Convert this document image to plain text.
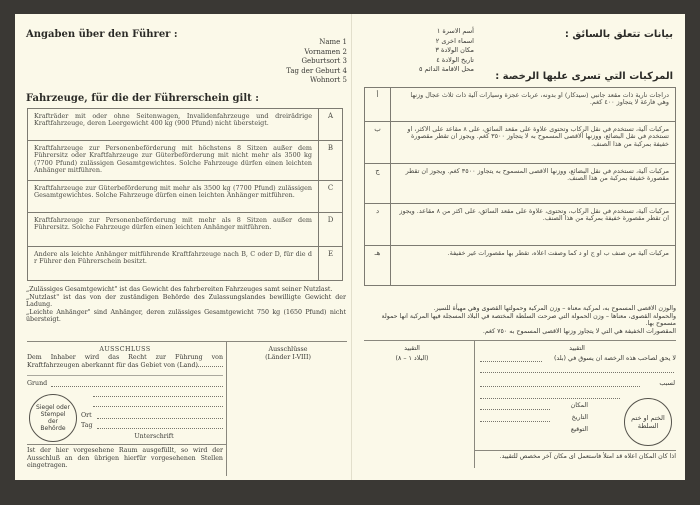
Angaben über den Führer :
Name 1
Vornamen 2
Geburtsort 3
Tag der Geburt 4
Wohnort 5
Fahrzeuge, für die der Führerschein gilt :
Krafträder mit oder ohne Seitenwagen, Invalidenfahrzeuge und dreirädrige Kraftfahrzeuge, deren Leergewicht 400 kg (900 Pfund) nicht übersteigt.	A
Kraftfahrzeuge zur Personenbeförderung mit höchstens 8 Sitzen außer dem Führersitz oder Kraftfahrzeuge zur Güterbeförderung mit nicht mehr als 3500 kg (7700 Pfund) zulässigen Gesamtgewichtes. Solche Fahrzeuge dürfen einen leichten Anhänger mitführen.	B
Kraftfahrzeuge zur Güterbeförderung mit mehr als 3500 kg (7700 Pfund) zulässigen Gesamtgewichtes. Solche Fahrzeuge dürfen einen leichten Anhänger mitführen.	C
Kraftfahrzeuge zur Personenbeförderung mit mehr als 8 Sitzen außer dem Führersitz. Solche Fahrzeuge dürfen einen leichten Anhänger mitführen.	D
Andere als leichte Anhänger mitführende Kraftfahrzeuge nach B, C oder D, für die d r Führer den Führerschein besitzt.	E
„Zulässiges Gesamtgewicht" ist das Gewicht des fahrbereiten Fahrzeuges samt seiner Nutzlast.
„Nutzlast" ist das von der zuständigen Behörde des Zulassungslandes bewilligte Gewicht der Ladung.
„Leichte Anhänger" sind Anhänger, deren zulässiges Gesamtgewicht 750 kg (1650 Pfund) nicht übersteigt.
AUSSCHLUSS
Dem Inhaber wird das Recht zur Führung von Kraftfahrzeugen aberkannt für das Gebiet von (Land)
Grund
Siegel oder Stempel der Behörde
Ort
Tag
Unterschrift
Ist der hier vorgesehene Raum ausgefüllt, so wird der Ausschluß an den übrigen hierfür vorgesehenen Stellen eingetragen.
Ausschlüsse
(Länder I-VIII)
بيانات تتعلق بالسائق :
أسم الاسرة ١
اسماء اخرى ٢
مكان الولادة ٣
تاريخ الولادة ٤
محل الاقامة الدائم ٥
المركبات التي تسرى عليها الرخصة :
دراجات نارية ذات مقعد جانبي (سيدكار) او بدونه، عربات عجزة وسيارات آلية ذات ثلاث عجال وزنها وهي فارغة لا يتجاوز ٤٠٠ كغم.	أ
مركبات آلية، تستخدم في نقل الركاب وتحتوى علاوة على مقعد السائق، على ٨ مقاعد على الاكثر، او تستخدم في نقل البضائع، ووزنها الاقصى المسموح به لا يتجاوز ٣٥٠٠ كغم. ويجوز ان تقطر مقصورة خفيفة بمركبة من هذا الصنف.	ب
مركبات آلية، تستخدم في نقل البضائع، ووزنها الاقصى المسموح به يتجاوز ٣٥٠٠ كغم. ويجوز ان تقطر مقصورة خفيفة بمركبة من هذا الصنف.	ج
مركبات آلية، تستخدم في نقل الركاب، وتحتوى، علاوة على مقعد السائق، على اكثر من ٨ مقاعد. ويجوز ان تقطر مقصورة خفيفة بمركبة من هذا الصنف.	د
مركبات آلية من صنف ب او ج او د كما وصفت اعلاه، تقطر بها مقصورات غير خفيفة.	هـ
والوزن الاقصى المسموح به، لمركبة معناه – وزن المركبة وحمولتها القصوى وهي مهيأة للسير.
والحمولة القصوى، معناها – وزن الحمولة التي صرحت السلطة المختصة في البلاد المسجلة فيها المركبة انها حمولة مسموح بها.
المقصورات الخفيفة هي التي لا يتجاوز وزنها الاقصى المسموح به ٧٥٠ كغم.
التقييد
(البلاد ١ – ٨)
التقييد
لا يحق لصاحب هذه الرخصة ان يسوق في (بلد)
لسبب
المكان
التاريخ
التوقيع
الختم او ختم السلطة
اذا كان المكان اعلاه قد امتلأ فاستعمل اى مكان آخر مخصص للتقييد.
